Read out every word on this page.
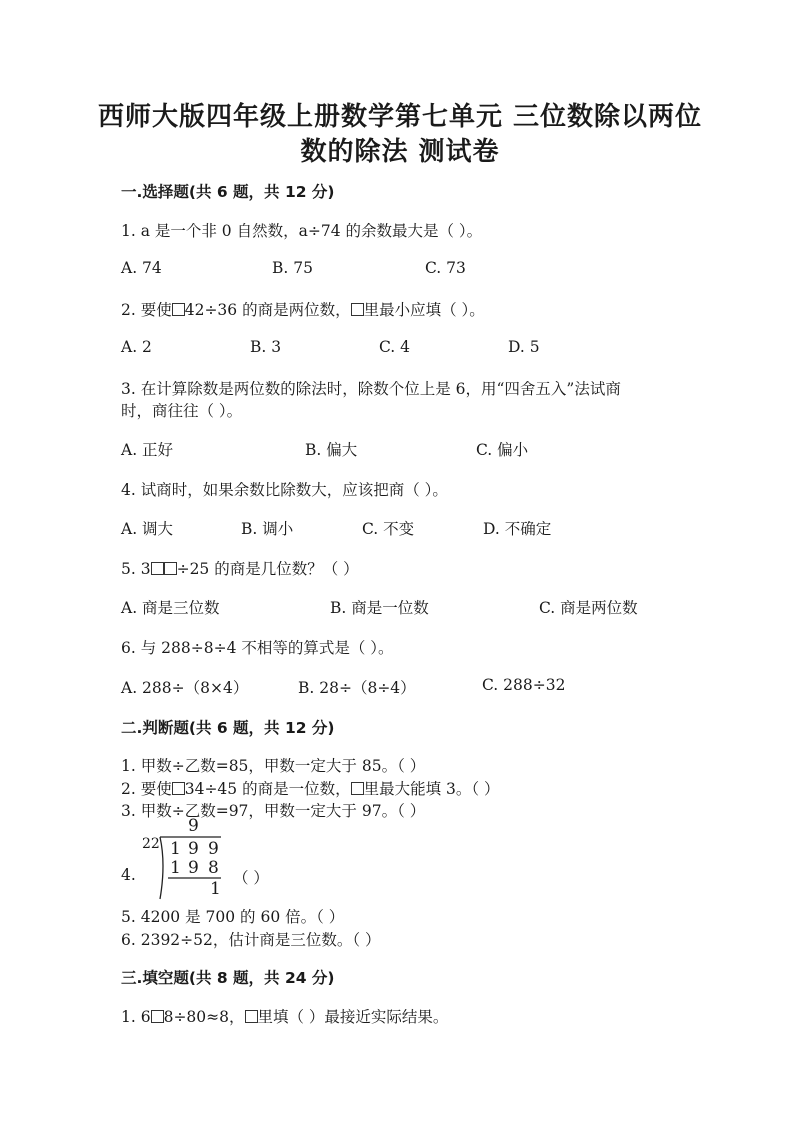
西师大版四年级上册数学第七单元 三位数除以两位
数的除法 测试卷
一.选择题(共 6 题，共 12 分)
1. a 是一个非 0 自然数，a÷74 的余数最大是（ ）。
A. 74	B. 75	C. 73
2. 要使 42÷36 的商是两位数， 里最小应填（ ）。
A. 2	B. 3	C. 4	D. 5
3. 在计算除数是两位数的除法时，除数个位上是 6，用“四舍五入”法试商
时，商往往（ ）。
A. 正好	B. 偏大	C. 偏小
4. 试商时，如果余数比除数大，应该把商（ ）。
A. 调大	B. 调小	C. 不变	D. 不确定
5. 3 ÷25 的商是几位数？（ ）
A. 商是三位数	B. 商是一位数	C. 商是两位数
6. 与 288÷8÷4 不相等的算式是（ ）。
A. 288÷（8×4）	B. 28÷（8÷4）	C. 288÷32
二.判断题(共 6 题，共 12 分)
1. 甲数÷乙数=85，甲数一定大于 85。（ ）
2. 要使 34÷45 的商是一位数， 里最大能填 3。（ ）
3. 甲数÷乙数=97，甲数一定大于 97。（ ）
9
22 1 9 9
1 9 8
1
4.	（ ）
5. 4200 是 700 的 60 倍。（ ）
6. 2392÷52，估计商是三位数。（ ）
三.填空题(共 8 题，共 24 分)
1. 6 8÷80≈8， 里填（ ）最接近实际结果。
